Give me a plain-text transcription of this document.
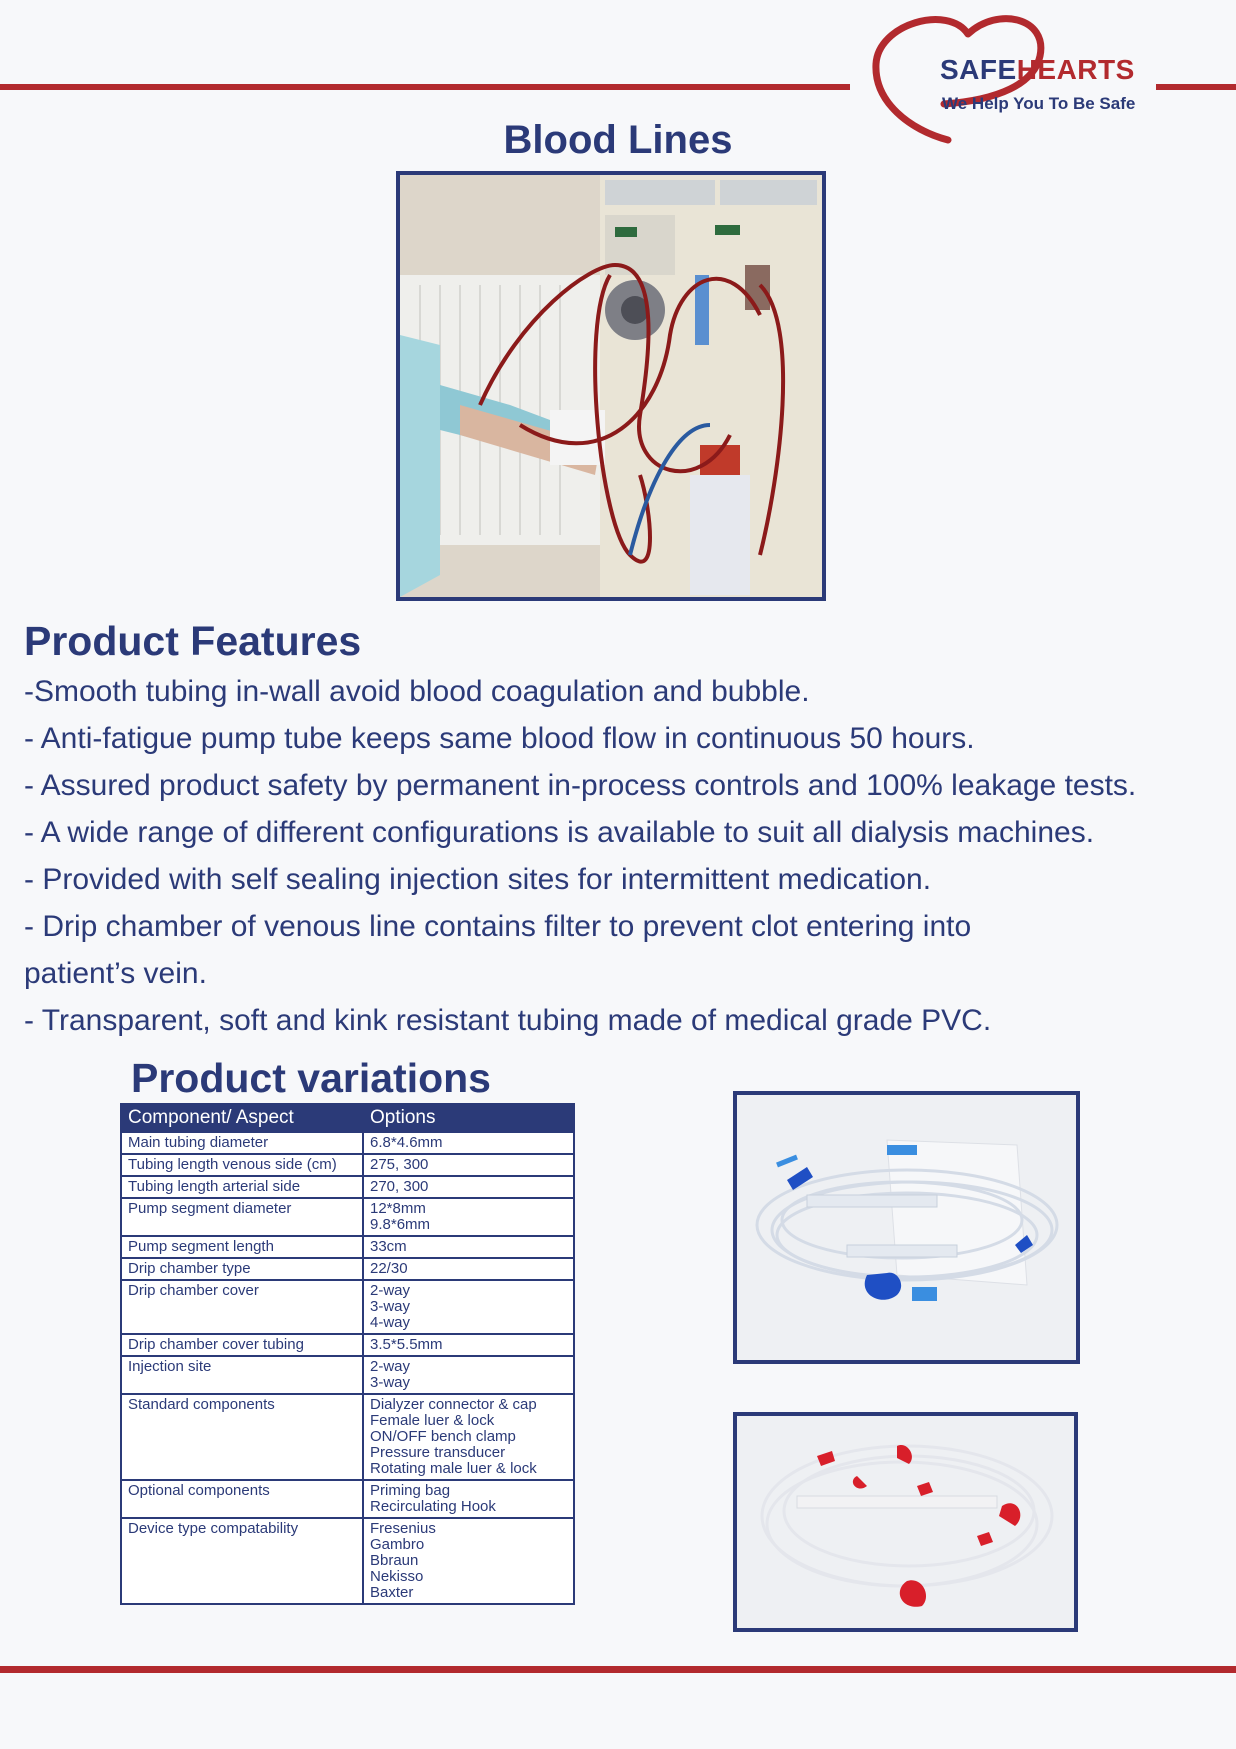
SAFEHEARTS
We Help You To Be Safe
Blood Lines
Product Features
-Smooth tubing in-wall avoid blood coagulation and bubble.
- Anti-fatigue pump tube keeps same blood flow in continuous 50 hours.
- Assured product safety by permanent in-process controls and 100% leakage tests.
- A wide range of different configurations is available to suit all dialysis machines.
- Provided with self sealing injection sites for intermittent medication.
- Drip chamber of venous line contains filter to prevent clot entering into
patient’s vein.
- Transparent, soft and kink resistant tubing made of medical grade PVC.
Product variations
Component/ Aspect	Options
Main tubing diameter	6.8*4.6mm

Tubing length venous side (cm)	275, 300

Tubing length arterial side	270, 300

Pump segment diameter	12*8mm
9.8*6mm

Pump segment length	33cm

Drip chamber type	22/30

Drip chamber cover	2-way
3-way
4-way

Drip chamber cover tubing	3.5*5.5mm

Injection site	2-way
3-way

Standard components	Dialyzer connector & cap
Female luer & lock
ON/OFF bench clamp
Pressure transducer
Rotating male luer & lock

Optional components	Priming bag
Recirculating Hook

Device type compatability	Fresenius
Gambro
Bbraun
Nekisso
Baxter
